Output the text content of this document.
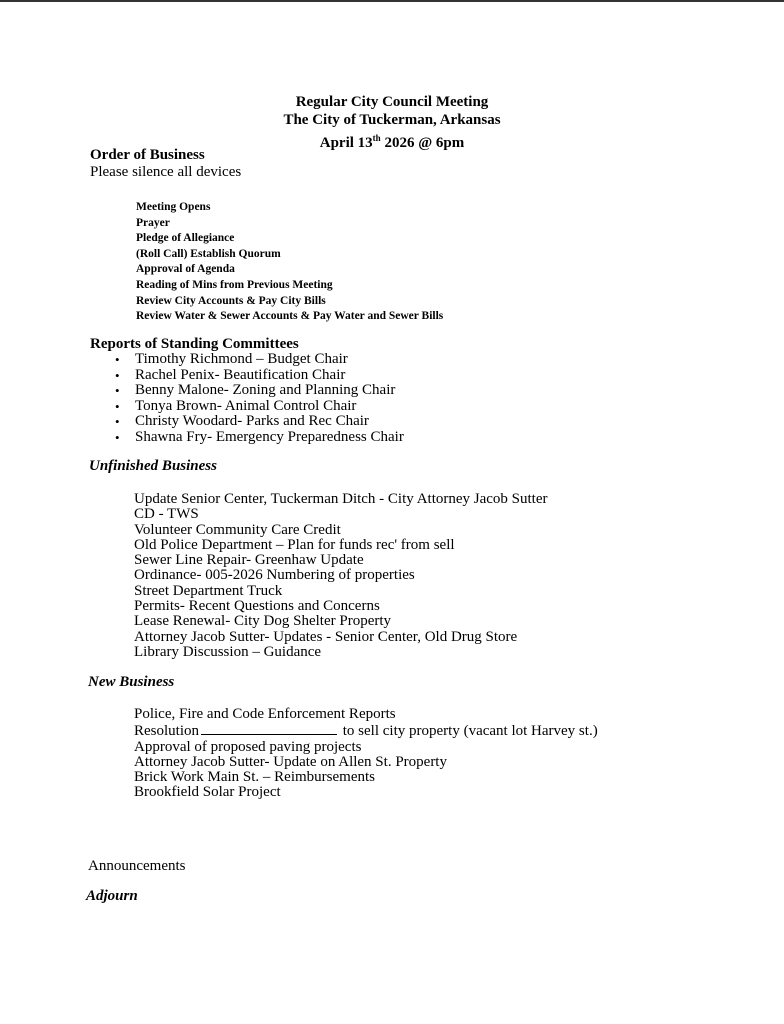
Regular City Council Meeting
The City of Tuckerman, Arkansas
April 13th 2026 @ 6pm
Order of Business
Please silence all devices
Meeting Opens
Prayer
Pledge of Allegiance
(Roll Call) Establish Quorum
Approval of Agenda
Reading of Mins from Previous Meeting
Review City Accounts & Pay City Bills
Review Water & Sewer Accounts & Pay Water and Sewer Bills
Reports of Standing Committees
• Timothy Richmond – Budget Chair
• Rachel Penix- Beautification Chair
• Benny Malone- Zoning and Planning Chair
• Tonya Brown- Animal Control Chair
• Christy Woodard- Parks and Rec Chair
• Shawna Fry- Emergency Preparedness Chair
Unfinished Business
Update Senior Center, Tuckerman Ditch - City Attorney Jacob Sutter
CD - TWS
Volunteer Community Care Credit
Old Police Department – Plan for funds rec' from sell
Sewer Line Repair- Greenhaw Update
Ordinance- 005-2026 Numbering of properties
Street Department Truck
Permits- Recent Questions and Concerns
Lease Renewal- City Dog Shelter Property
Attorney Jacob Sutter- Updates - Senior Center, Old Drug Store
Library Discussion – Guidance
New Business
Police, Fire and Code Enforcement Reports
Resolution	to sell city property (vacant lot Harvey st.)
Approval of proposed paving projects
Attorney Jacob Sutter- Update on Allen St. Property
Brick Work Main St. – Reimbursements
Brookfield Solar Project
Announcements
Adjourn
